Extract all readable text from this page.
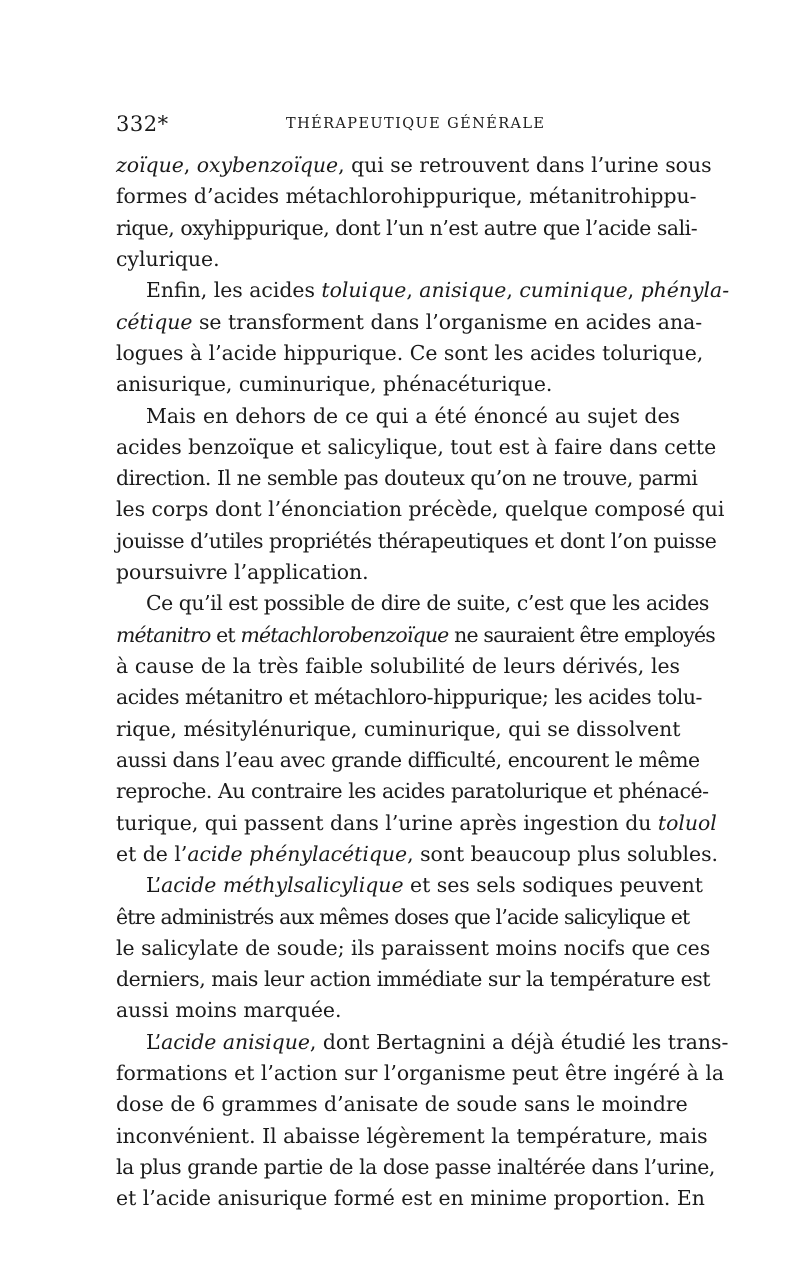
332*	THÉRAPEUTIQUE GÉNÉRALE
zoïque, oxybenzoïque, qui se retrouvent dans l’urine sous
formes d’acides métachlorohippurique, métanitrohippu-
rique, oxyhippurique, dont l’un n’est autre que l’acide sali-
cylurique.
Enfin, les acides toluique, anisique, cuminique, phényla-
cétique se transforment dans l’organisme en acides ana-
logues à l’acide hippurique. Ce sont les acides tolurique,
anisurique, cuminurique, phénacéturique.
Mais en dehors de ce qui a été énoncé au sujet des
acides benzoïque et salicylique, tout est à faire dans cette
direction. Il ne semble pas douteux qu’on ne trouve, parmi
les corps dont l’énonciation précède, quelque composé qui
jouisse d’utiles propriétés thérapeutiques et dont l’on puisse
poursuivre l’application.
Ce qu’il est possible de dire de suite, c’est que les acides
métanitro et métachlorobenzoïque ne sauraient être employés
à cause de la très faible solubilité de leurs dérivés, les
acides métanitro et métachloro-hippurique; les acides tolu-
rique, mésitylénurique, cuminurique, qui se dissolvent
aussi dans l’eau avec grande difficulté, encourent le même
reproche. Au contraire les acides paratolurique et phénacé-
turique, qui passent dans l’urine après ingestion du toluol
et de l’acide phénylacétique, sont beaucoup plus solubles.
L’acide méthylsalicylique et ses sels sodiques peuvent
être administrés aux mêmes doses que l’acide salicylique et
le salicylate de soude; ils paraissent moins nocifs que ces
derniers, mais leur action immédiate sur la température est
aussi moins marquée.
L’acide anisique, dont Bertagnini a déjà étudié les trans-
formations et l’action sur l’organisme peut être ingéré à la
dose de 6 grammes d’anisate de soude sans le moindre
inconvénient. Il abaisse légèrement la température, mais
la plus grande partie de la dose passe inaltérée dans l’urine,
et l’acide anisurique formé est en minime proportion. En
